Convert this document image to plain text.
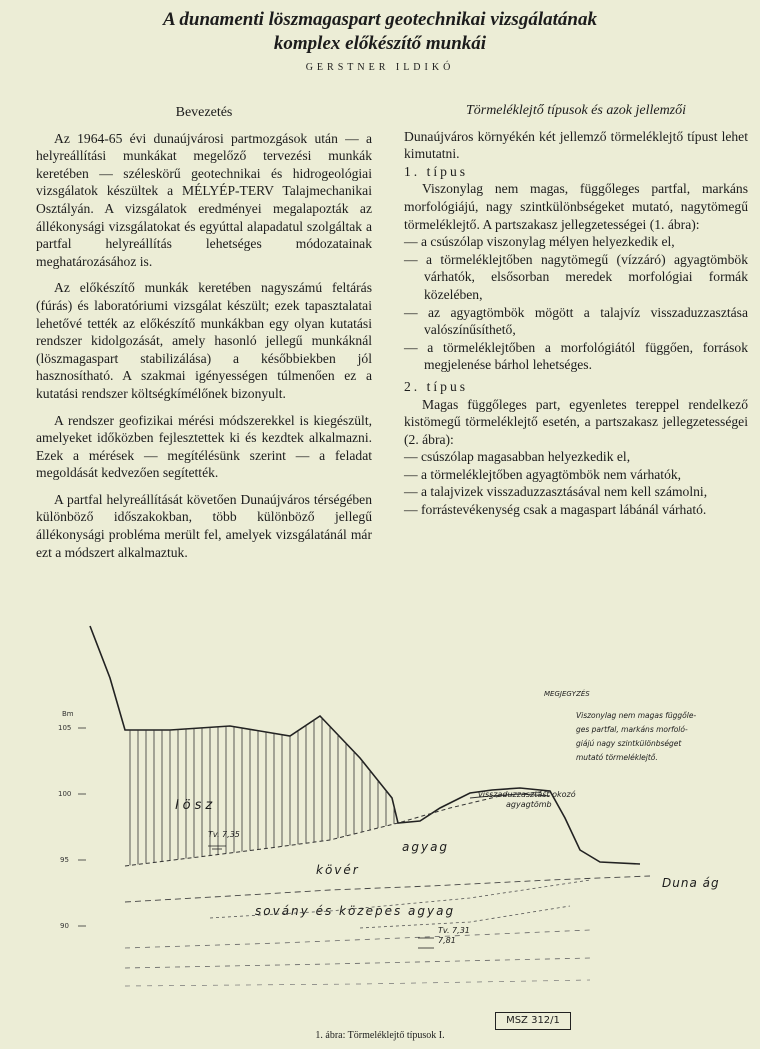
A dunamenti löszmagaspart geotechnikai vizsgálatának
komplex előkészítő munkái
GERSTNER ILDIKÓ
Bevezetés

Az 1964-65 évi dunaújvárosi partmozgások után — a helyreállítási munkákat megelőző tervezési munkák keretében — széleskörű geotechnikai és hidrogeológiai vizsgálatok készültek a MÉLYÉP-TERV Talajmechanikai Osztályán. A vizsgálatok eredményei megalapozták az állékonysági vizsgálatokat és egyúttal alapadatul szolgáltak a partfal helyreállítás lehetséges módozatainak meghatározásához is.

Az előkészítő munkák keretében nagyszámú feltárás (fúrás) és laboratóriumi vizsgálat készült; ezek tapasztalatai lehetővé tették az előkészítő munkákban egy olyan kutatási rendszer kidolgozását, amely hasonló jellegű munkáknál (löszmagaspart stabilizálása) a későbbiekben jól hasznosítható. A szakmai igényességen túlmenően ez a kutatási rendszer költségkímélőnek bizonyult.

A rendszer geofizikai mérési módszerekkel is kiegészült, amelyeket időközben fejlesztettek ki és kezdtek alkalmazni. Ezek a mérések — megítélésünk szerint — a feladat megoldását kedvezően segítették.

A partfal helyreállítását követően Dunaújváros térségében különböző időszakokban, több különböző jellegű állékonysági probléma merült fel, amelyek vizsgálatánál már ezt a módszert alkalmaztuk.

Törmeléklejtő típusok és azok jellemzői

Dunaújváros környékén két jellemző törmeléklejtő típust lehet kimutatni.

1. típus

Viszonylag nem magas, függőleges partfal, markáns morfológiájú, nagy szintkülönbségeket mutató, nagytömegű törmeléklejtő. A partszakasz jellegzetességei (1. ábra):

— a csúszólap viszonylag mélyen helyezkedik el,

— a törmeléklejtőben nagytömegű (vízzáró) agyagtömbök várhatók, elsősorban meredek morfológiai formák közelében,

— az agyagtömbök mögött a talajvíz visszaduzzasztása valószínűsíthető,

— a törmeléklejtőben a morfológiától függően, források megjelenése bárhol lehetséges.

2. típus

Magas függőleges part, egyenletes tereppel rendelkező kistömegű törmeléklejtő esetén, a partszakasz jellegzetességei (2. ábra):

— csúszólap magasabban helyezkedik el,

— a törmeléklejtőben agyagtömbök nem várhatók,

— a talajvizek visszaduzzasztásával nem kell számolni,

— forrástevékenység csak a magaspart lábánál várható.

Bm
105
100
95
90
MEGJEGYZÉS
Viszonylag nem magas függőle-
ges partfal, markáns morfoló-
giájú nagy szintkülönbséget
mutató törmeléklejtő.
lösz
Tv. 7,35
agyag
kövér
sovány és közepes agyag
Tv. 7,31
7,81
visszaduzzasztást okozó
agyagtömb
Duna ág
MSZ 312/1
1. ábra: Törmeléklejtő típusok I.
